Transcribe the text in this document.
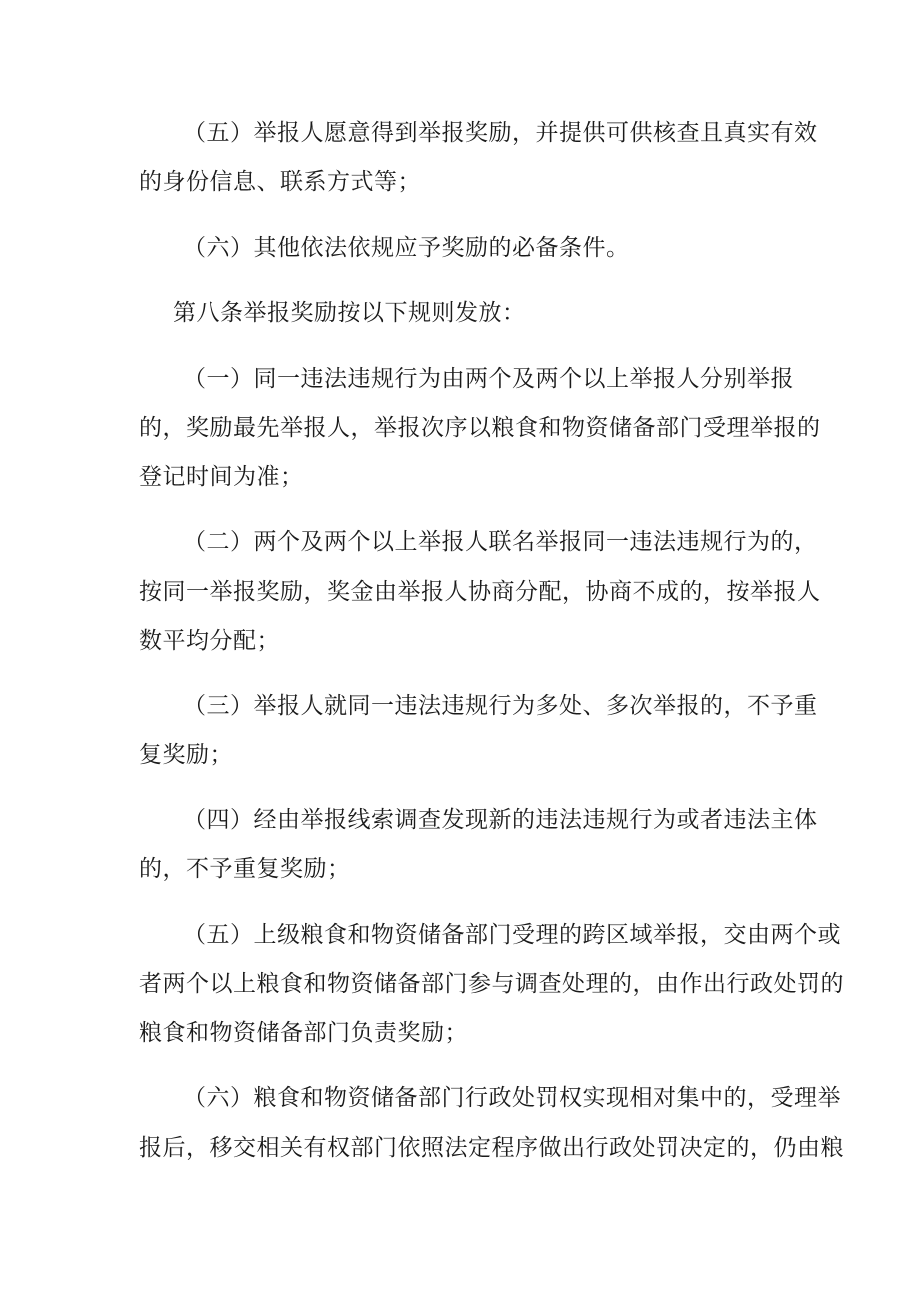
（五）举报人愿意得到举报奖励，并提供可供核查且真实有效
的身份信息、联系方式等；
（六）其他依法依规应予奖励的必备条件。
第八条举报奖励按以下规则发放：
（一）同一违法违规行为由两个及两个以上举报人分别举报
的，奖励最先举报人，举报次序以粮食和物资储备部门受理举报的
登记时间为准；
（二）两个及两个以上举报人联名举报同一违法违规行为的，
按同一举报奖励，奖金由举报人协商分配，协商不成的，按举报人
数平均分配；
（三）举报人就同一违法违规行为多处、多次举报的，不予重
复奖励；
（四）经由举报线索调查发现新的违法违规行为或者违法主体
的，不予重复奖励；
（五）上级粮食和物资储备部门受理的跨区域举报，交由两个或
者两个以上粮食和物资储备部门参与调查处理的，由作出行政处罚的
粮食和物资储备部门负责奖励；
（六）粮食和物资储备部门行政处罚权实现相对集中的，受理举
报后，移交相关有权部门依照法定程序做出行政处罚决定的，仍由粮
